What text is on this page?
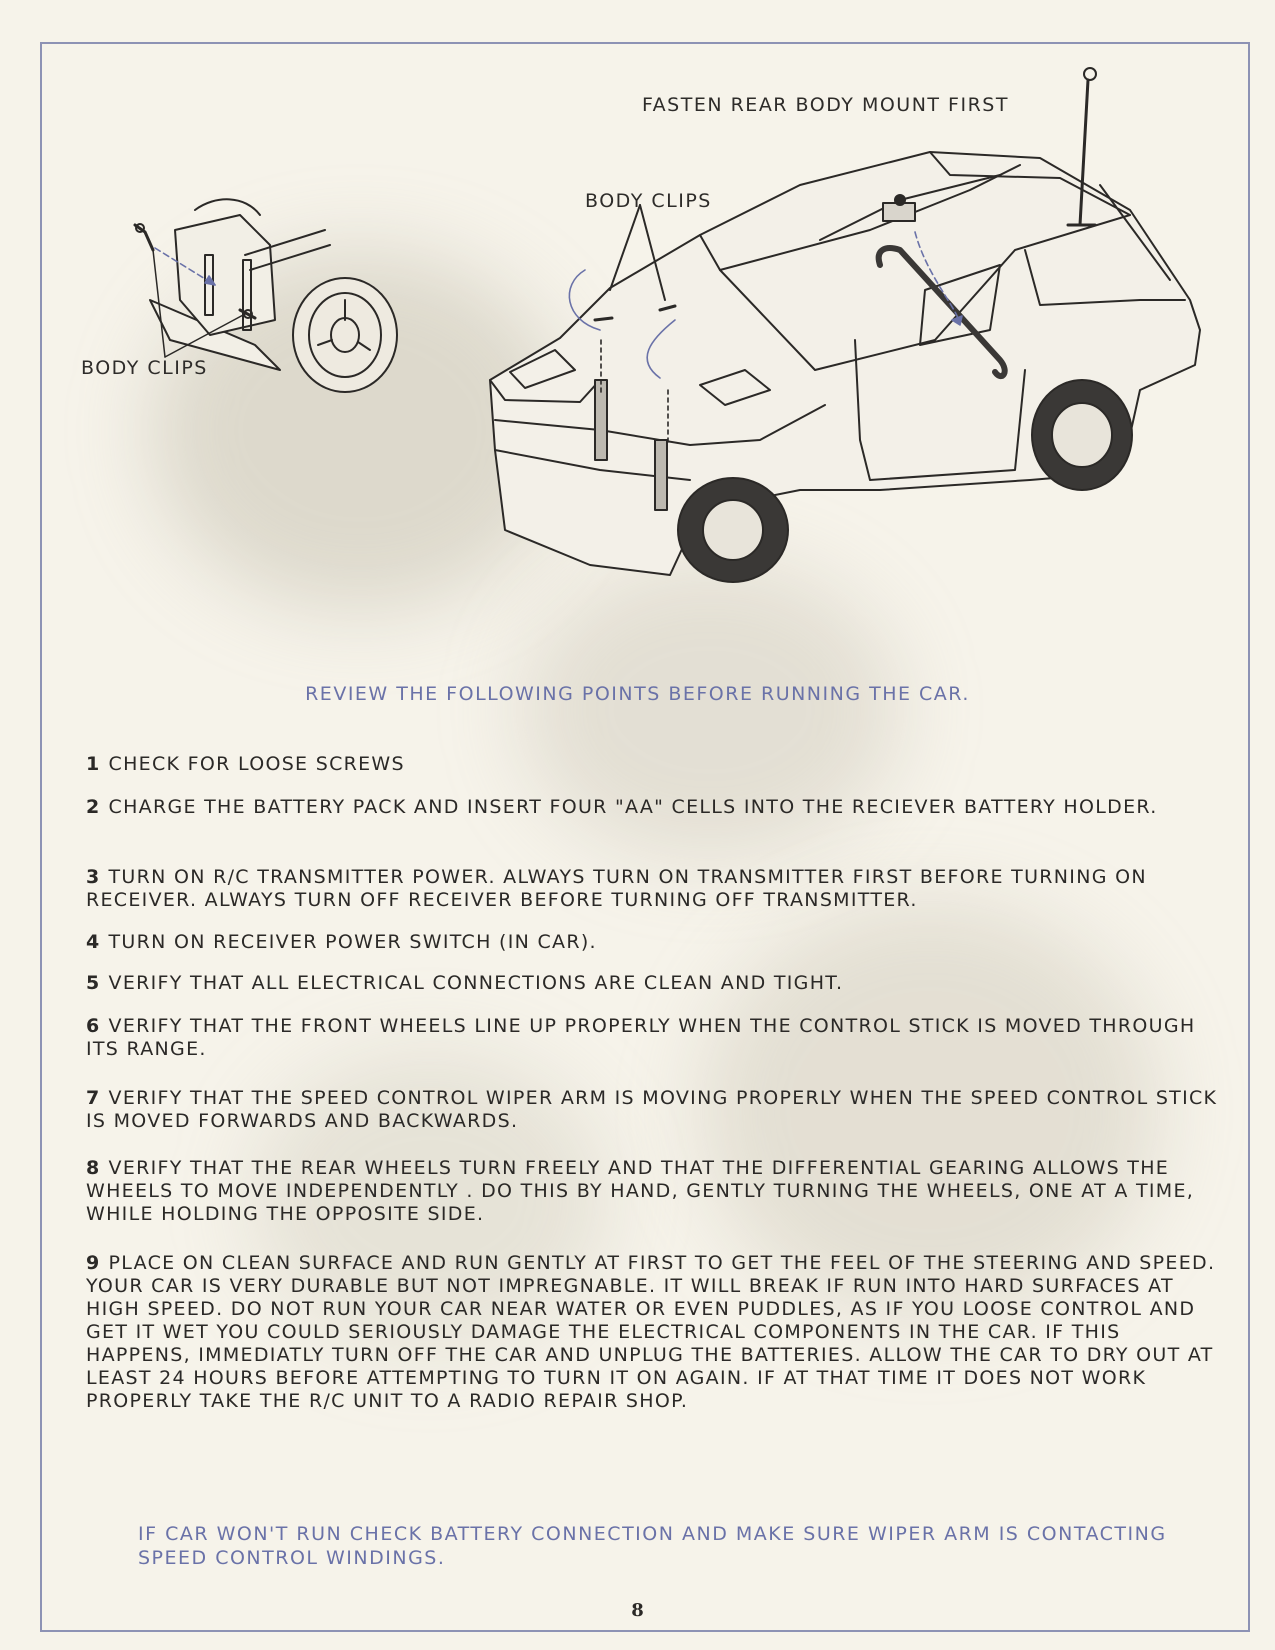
FASTEN REAR BODY MOUNT FIRST
BODY CLIPS
BODY CLIPS
REVIEW THE FOLLOWING POINTS BEFORE RUNNING THE CAR.
1 CHECK FOR LOOSE SCREWS
2 CHARGE THE BATTERY PACK AND INSERT FOUR "AA" CELLS INTO THE RECIEVER BATTERY HOLDER.
3 TURN ON R/C TRANSMITTER POWER. ALWAYS TURN ON TRANSMITTER FIRST BEFORE TURNING ON RECEIVER. ALWAYS TURN OFF RECEIVER BEFORE TURNING OFF TRANSMITTER.
4 TURN ON RECEIVER POWER SWITCH (IN CAR).
5 VERIFY THAT ALL ELECTRICAL CONNECTIONS ARE CLEAN AND TIGHT.
6 VERIFY THAT THE FRONT WHEELS LINE UP PROPERLY WHEN THE CONTROL STICK IS MOVED THROUGH ITS RANGE.
7 VERIFY THAT THE SPEED CONTROL WIPER ARM IS MOVING PROPERLY WHEN THE SPEED CONTROL STICK IS MOVED FORWARDS AND BACKWARDS.
8 VERIFY THAT THE REAR WHEELS TURN FREELY AND THAT THE DIFFERENTIAL GEARING ALLOWS THE WHEELS TO MOVE INDEPENDENTLY . DO THIS BY HAND, GENTLY TURNING THE WHEELS, ONE AT A TIME, WHILE HOLDING THE OPPOSITE SIDE.
9 PLACE ON CLEAN SURFACE AND RUN GENTLY AT FIRST TO GET THE FEEL OF THE STEERING AND SPEED. YOUR CAR IS VERY DURABLE BUT NOT IMPREGNABLE. IT WILL BREAK IF RUN INTO HARD SURFACES AT HIGH SPEED. DO NOT RUN YOUR CAR NEAR WATER OR EVEN PUDDLES, AS IF YOU LOOSE CONTROL AND GET IT WET YOU COULD SERIOUSLY DAMAGE THE ELECTRICAL COMPONENTS IN THE CAR. IF THIS HAPPENS, IMMEDIATLY TURN OFF THE CAR AND UNPLUG THE BATTERIES. ALLOW THE CAR TO DRY OUT AT LEAST 24 HOURS BEFORE ATTEMPTING TO TURN IT ON AGAIN. IF AT THAT TIME IT DOES NOT WORK PROPERLY TAKE THE R/C UNIT TO A RADIO REPAIR SHOP.
IF CAR WON'T RUN CHECK BATTERY CONNECTION AND MAKE SURE WIPER ARM IS CONTACTING SPEED CONTROL WINDINGS.
8
